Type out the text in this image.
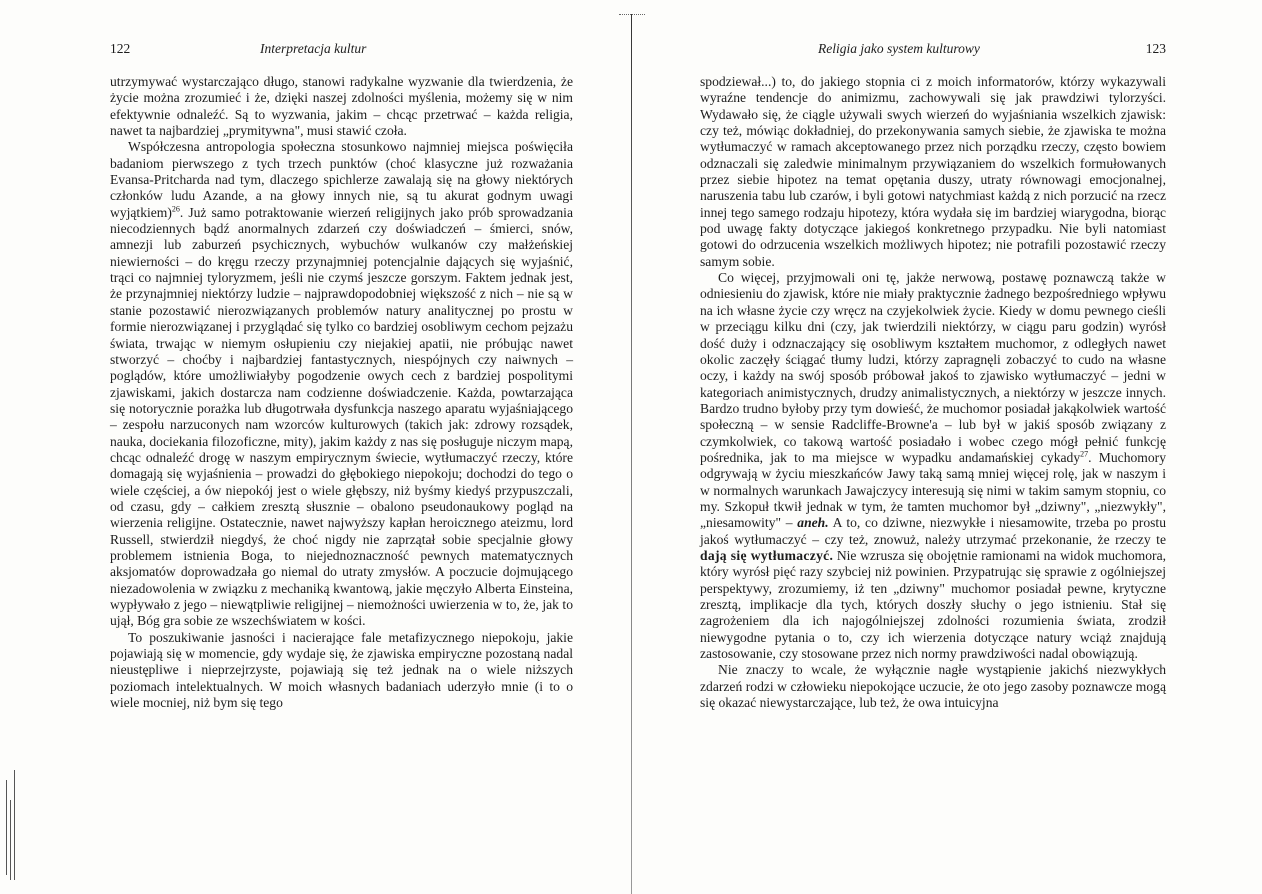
122	Interpretacja kultur

utrzymywać wystarczająco długo, stanowi radykalne wyzwanie dla twierdzenia, że życie można zrozumieć i że, dzięki naszej zdolności myślenia, możemy się w nim efektywnie odnaleźć. Są to wyzwania, jakim – chcąc przetrwać – każda religia, nawet ta najbardziej „prymitywna", musi stawić czoła.

Współczesna antropologia społeczna stosunkowo najmniej miejsca poświęciła badaniom pierwszego z tych trzech punktów (choć klasyczne już rozważania Evansa-Pritcharda nad tym, dlaczego spichlerze zawalają się na głowy niektórych członków ludu Azande, a na głowy innych nie, są tu akurat godnym uwagi wyjątkiem)$^{26}$. Już samo potraktowanie wierzeń religijnych jako prób sprowadzania niecodziennych bądź anormalnych zdarzeń czy doświadczeń – śmierci, snów, amnezji lub zaburzeń psychicznych, wybuchów wulkanów czy małżeńskiej niewierności – do kręgu rzeczy przynajmniej potencjalnie dających się wyjaśnić, trąci co najmniej tyloryzmem, jeśli nie czymś jeszcze gorszym. Faktem jednak jest, że przynajmniej niektórzy ludzie – najprawdopodobniej większość z nich – nie są w stanie pozostawić nierozwiązanych problemów natury analitycznej po prostu w formie nierozwiązanej i przyglądać się tylko co bardziej osobliwym cechom pejzażu świata, trwając w niemym osłupieniu czy niejakiej apatii, nie próbując nawet stworzyć – choćby i najbardziej fantastycznych, niespójnych czy naiwnych – poglądów, które umożliwiałyby pogodzenie owych cech z bardziej pospolitymi zjawiskami, jakich dostarcza nam codzienne doświadczenie. Każda, powtarzająca się notorycznie porażka lub długotrwała dysfunkcja naszego aparatu wyjaśniającego – zespołu narzuconych nam wzorców kulturowych (takich jak: zdrowy rozsądek, nauka, dociekania filozoficzne, mity), jakim każdy z nas się posługuje niczym mapą, chcąc odnaleźć drogę w naszym empirycznym świecie, wytłumaczyć rzeczy, które domagają się wyjaśnienia – prowadzi do głębokiego niepokoju; dochodzi do tego o wiele częściej, a ów niepokój jest o wiele głębszy, niż byśmy kiedyś przypuszczali, od czasu, gdy – całkiem zresztą słusznie – obalono pseudonaukowy pogląd na wierzenia religijne. Ostatecznie, nawet najwyższy kapłan heroicznego ateizmu, lord Russell, stwierdził niegdyś, że choć nigdy nie zaprzątał sobie specjalnie głowy problemem istnienia Boga, to niejednoznaczność pewnych matematycznych aksjomatów doprowadzała go niemal do utraty zmysłów. A poczucie dojmującego niezadowolenia w związku z mechaniką kwantową, jakie męczyło Alberta Einsteina, wypływało z jego – niewątpliwie religijnej – niemożności uwierzenia w to, że, jak to ujął, Bóg gra sobie ze wszechświatem w kości.

To poszukiwanie jasności i nacierające fale metafizycznego niepokoju, jakie pojawiają się w momencie, gdy wydaje się, że zjawiska empiryczne pozostaną nadal nieustępliwe i nieprzejrzyste, pojawiają się też jednak na o wiele niższych poziomach intelektualnych. W moich własnych badaniach uderzyło mnie (i to o wiele mocniej, niż bym się tego

Religia jako system kulturowy	123

spodziewał...) to, do jakiego stopnia ci z moich informatorów, którzy wykazywali wyraźne tendencje do animizmu, zachowywali się jak prawdziwi tylorzyści. Wydawało się, że ciągle używali swych wierzeń do wyjaśniania wszelkich zjawisk: czy też, mówiąc dokładniej, do przekonywania samych siebie, że zjawiska te można wytłumaczyć w ramach akceptowanego przez nich porządku rzeczy, często bowiem odznaczali się zaledwie minimalnym przywiązaniem do wszelkich formułowanych przez siebie hipotez na temat opętania duszy, utraty równowagi emocjonalnej, naruszenia tabu lub czarów, i byli gotowi natychmiast każdą z nich porzucić na rzecz innej tego samego rodzaju hipotezy, która wydała się im bardziej wiarygodna, biorąc pod uwagę fakty dotyczące jakiegoś konkretnego przypadku. Nie byli natomiast gotowi do odrzucenia wszelkich możliwych hipotez; nie potrafili pozostawić rzeczy samym sobie.

Co więcej, przyjmowali oni tę, jakże nerwową, postawę poznawczą także w odniesieniu do zjawisk, które nie miały praktycznie żadnego bezpośredniego wpływu na ich własne życie czy wręcz na czyjekolwiek życie. Kiedy w domu pewnego cieśli w przeciągu kilku dni (czy, jak twierdzili niektórzy, w ciągu paru godzin) wyrósł dość duży i odznaczający się osobliwym kształtem muchomor, z odległych nawet okolic zaczęły ściągać tłumy ludzi, którzy zapragnęli zobaczyć to cudo na własne oczy, i każdy na swój sposób próbował jakoś to zjawisko wytłumaczyć – jedni w kategoriach animistycznych, drudzy animalistycznych, a niektórzy w jeszcze innych. Bardzo trudno byłoby przy tym dowieść, że muchomor posiadał jakąkolwiek wartość społeczną – w sensie Radcliffe-Browne'a – lub był w jakiś sposób związany z czymkolwiek, co takową wartość posiadało i wobec czego mógł pełnić funkcję pośrednika, jak to ma miejsce w wypadku andamańskiej cykady$^{27}$. Muchomory odgrywają w życiu mieszkańców Jawy taką samą mniej więcej rolę, jak w naszym i w normalnych warunkach Jawajczycy interesują się nimi w takim samym stopniu, co my. Szkopuł tkwił jednak w tym, że tamten muchomor był „dziwny", „niezwykły", „niesamowity" – aneh. A to, co dziwne, niezwykłe i niesamowite, trzeba po prostu jakoś wytłumaczyć – czy też, znowuż, należy utrzymać przekonanie, że rzeczy te dają się wytłumaczyć. Nie wzrusza się obojętnie ramionami na widok muchomora, który wyrósł pięć razy szybciej niż powinien. Przypatrując się sprawie z ogólniejszej perspektywy, zrozumiemy, iż ten „dziwny" muchomor posiadał pewne, krytyczne zresztą, implikacje dla tych, których doszły słuchy o jego istnieniu. Stał się zagrożeniem dla ich najogólniejszej zdolności rozumienia świata, zrodził niewygodne pytania o to, czy ich wierzenia dotyczące natury wciąż znajdują zastosowanie, czy stosowane przez nich normy prawdziwości nadal obowiązują.

Nie znaczy to wcale, że wyłącznie nagłe wystąpienie jakichś niezwykłych zdarzeń rodzi w człowieku niepokojące uczucie, że oto jego zasoby poznawcze mogą się okazać niewystarczające, lub też, że owa intuicyjna
